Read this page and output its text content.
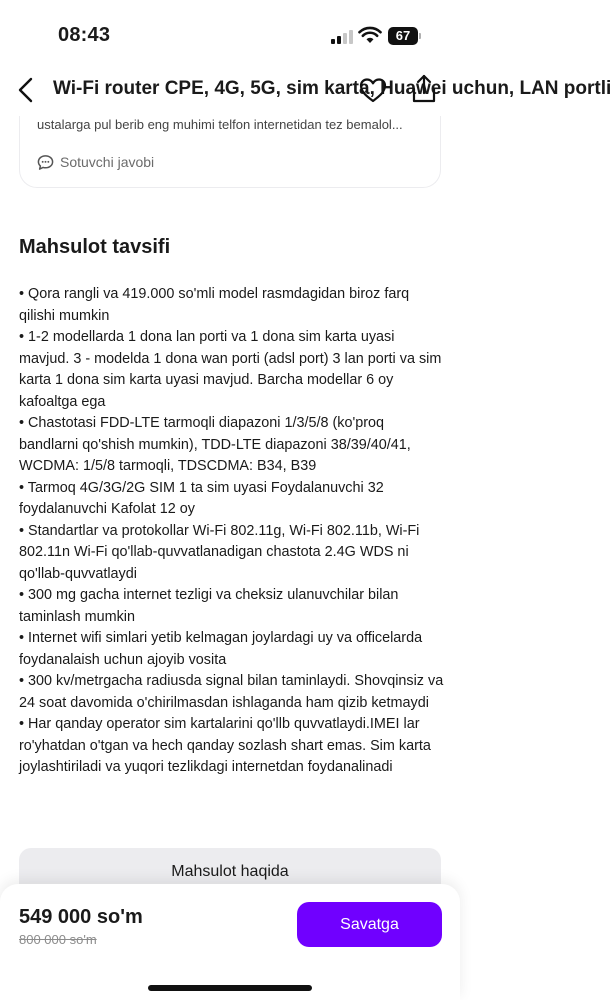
08:43	67
ustalarga pul berib eng muhimi telfon internetidan tez bemalol...
Sotuvchi javobi
Wi-Fi router CPE, 4G, 5G, sim karta, Huawei uchun, LAN portli
Mahsulot tavsifi

• Qora rangli va 419.000 so'mli model rasmdagidan biroz farq qilishi mumkin

• 1-2 modellarda 1 dona lan porti va 1 dona sim karta uyasi mavjud. 3 - modelda 1 dona wan porti (adsl port) 3 lan porti va sim karta 1 dona sim karta uyasi mavjud. Barcha modellar 6 oy kafoaltga ega

• Chastotasi FDD-LTE tarmoqli diapazoni 1/3/5/8 (ko'proq bandlarni qo'shish mumkin), TDD-LTE diapazoni 38/39/40/41, WCDMA: 1/5/8 tarmoqli, TDSCDMA: B34, B39

• Tarmoq 4G/3G/2G SIM 1 ta sim uyasi Foydalanuvchi 32 foydalanuvchi Kafolat 12 oy

• Standartlar va protokollar Wi-Fi 802.11g, Wi-Fi 802.11b, Wi-Fi 802.11n Wi-Fi qo'llab-quvvatlanadigan chastota 2.4G WDS ni qo'llab-quvvatlaydi

• 300 mg gacha internet tezligi va cheksiz ulanuvchilar bilan taminlash mumkin

• Internet wifi simlari yetib kelmagan joylardagi uy va officelarda foydanalaish uchun ajoyib vosita

• 300 kv/metrgacha radiusda signal bilan taminlaydi. Shovqinsiz va 24 soat davomida o'chirilmasdan ishlaganda ham qizib ketmaydi

• Har qanday operator sim kartalarini qo'llb quvvatlaydi.IMEI lar ro'yhatdan o'tgan va hech qanday sozlash shart emas. Sim karta joylashtiriladi va yuqori tezlikdagi internetdan foydanalinadi

Mahsulot haqida
549 000 so'm
800 000 so'm
Savatga
